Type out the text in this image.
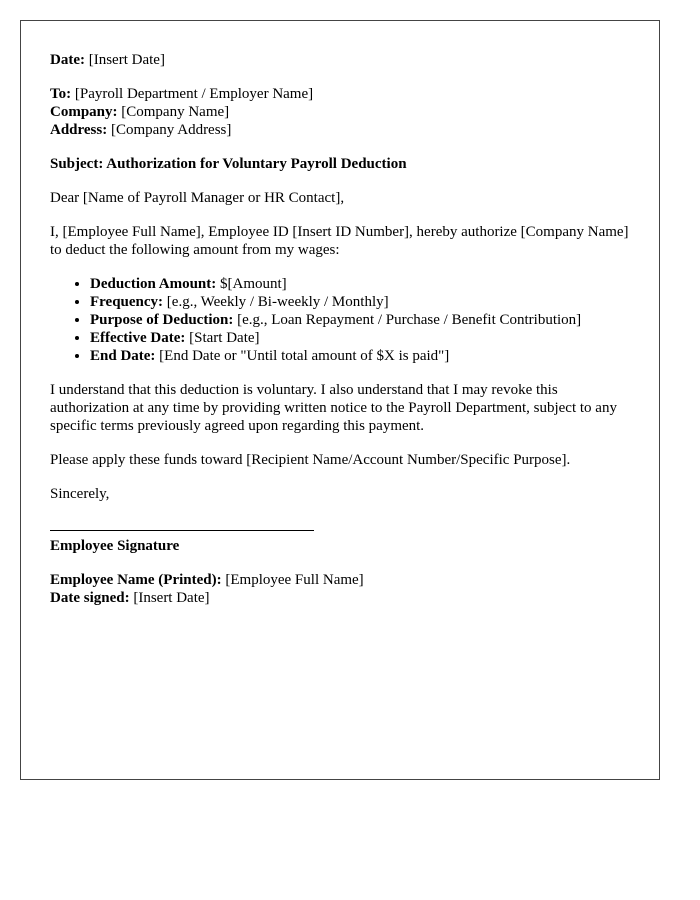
Date: [Insert Date]

To: [Payroll Department / Employer Name]
Company: [Company Name]
Address: [Company Address]

Subject: Authorization for Voluntary Payroll Deduction

Dear [Name of Payroll Manager or HR Contact],

I, [Employee Full Name], Employee ID [Insert ID Number], hereby authorize [Company Name] to deduct the following amount from my wages:

• Deduction Amount: $[Amount]
• Frequency: [e.g., Weekly / Bi-weekly / Monthly]
• Purpose of Deduction: [e.g., Loan Repayment / Purchase / Benefit Contribution]
• Effective Date: [Start Date]
• End Date: [End Date or "Until total amount of $X is paid"]

I understand that this deduction is voluntary. I also understand that I may revoke this authorization at any time by providing written notice to the Payroll Department, subject to any specific terms previously agreed upon regarding this payment.

Please apply these funds toward [Recipient Name/Account Number/Specific Purpose].

Sincerely,

Employee Signature

Employee Name (Printed): [Employee Full Name]
Date signed: [Insert Date]
